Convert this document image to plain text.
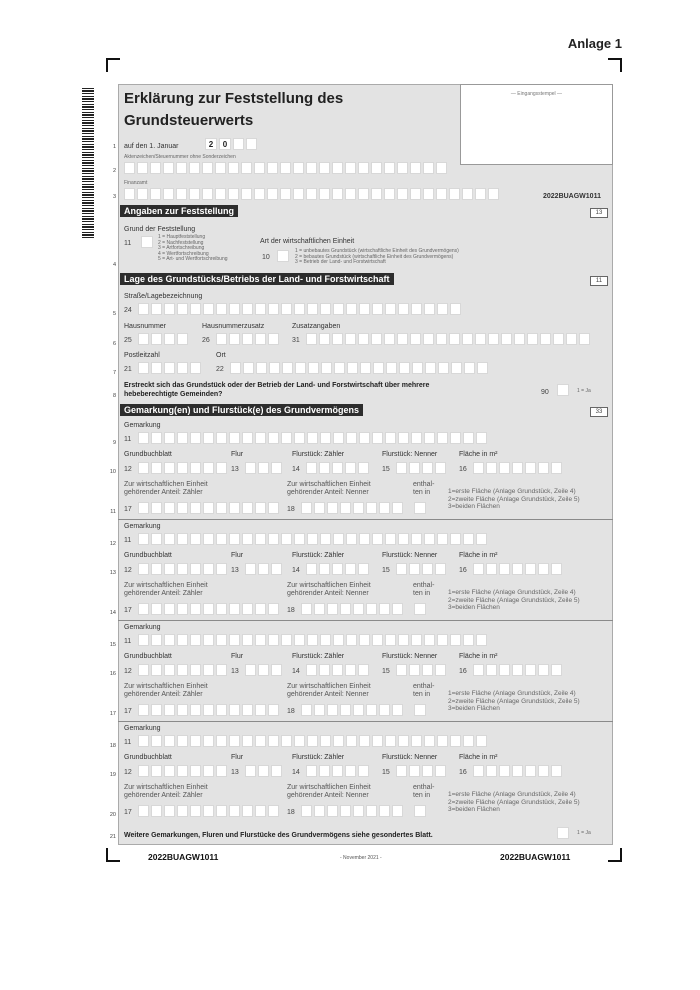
Anlage 1
— Eingangsstempel —
Erklärung zur Feststellung des
Grundsteuerwerts
1 auf den 1. Januar	2	0
Aktenzeichen/Steuernummer ohne Sonderzeichen
2
Finanzamt
3	2022BUAGW1011
Angaben zur Feststellung	13
Grund der Feststellung
11
1 = Hauptfeststellung
2 = Nachfeststellung
3 = Artfortschreibung
4 = Wertfortschreibung
5 = Art- und Wertfortschreibung
Art der wirtschaftlichen Einheit
10
1 = unbebautes Grundstück (wirtschaftliche Einheit des Grundvermögens)
2 = bebautes Grundstück (wirtschaftliche Einheit des Grundvermögens)
3 = Betrieb der Land- und Forstwirtschaft
4
Lage des Grundstücks/Betriebs der Land- und Forstwirtschaft	11
Straße/Lagebezeichnung
5 24
Hausnummer	Hausnummerzusatz	Zusatzangaben
6 25	26	31
Postleitzahl	Ort
7 21	22
Erstreckt sich das Grundstück oder der Betrieb der Land- und Forstwirtschaft über mehrere
hebeberechtigte Gemeinden?
8	90	1 = Ja
Gemarkung(en) und Flurstück(e) des Grundvermögens	33
Gemarkung
9 11
Grundbuchblatt	Flur	Flurstück: Zähler	Flurstück: Nenner	Fläche in m²
10 12	13	14	15	16
Zur wirtschaftlichen Einheit
gehörender Anteil: Zähler
Zur wirtschaftlichen Einheit
gehörender Anteil: Nenner
enthal-
ten in	1=erste Fläche (Anlage Grundstück, Zeile 4)
2=zweite Fläche (Anlage Grundstück, Zeile 5)
3=beiden Flächen
11 17	18
Gemarkung
12 11
Grundbuchblatt	Flur	Flurstück: Zähler	Flurstück: Nenner	Fläche in m²
13 12	13	14	15	16
Zur wirtschaftlichen Einheit
gehörender Anteil: Zähler
Zur wirtschaftlichen Einheit
gehörender Anteil: Nenner
enthal-
ten in	1=erste Fläche (Anlage Grundstück, Zeile 4)
2=zweite Fläche (Anlage Grundstück, Zeile 5)
3=beiden Flächen
14 17	18
Gemarkung
15 11
Grundbuchblatt	Flur	Flurstück: Zähler	Flurstück: Nenner	Fläche in m²
16 12	13	14	15	16
Zur wirtschaftlichen Einheit
gehörender Anteil: Zähler
Zur wirtschaftlichen Einheit
gehörender Anteil: Nenner
enthal-
ten in	1=erste Fläche (Anlage Grundstück, Zeile 4)
2=zweite Fläche (Anlage Grundstück, Zeile 5)
3=beiden Flächen
17 17	18
Gemarkung
18 11
Grundbuchblatt	Flur	Flurstück: Zähler	Flurstück: Nenner	Fläche in m²
19 12	13	14	15	16
Zur wirtschaftlichen Einheit
gehörender Anteil: Zähler
Zur wirtschaftlichen Einheit
gehörender Anteil: Nenner
enthal-
ten in	1=erste Fläche (Anlage Grundstück, Zeile 4)
2=zweite Fläche (Anlage Grundstück, Zeile 5)
3=beiden Flächen
20 17	18
21 Weitere Gemarkungen, Fluren und Flurstücke des Grundvermögens siehe gesondertes Blatt.	1 = Ja
2022BUAGW1011	- November 2021 -	2022BUAGW1011
